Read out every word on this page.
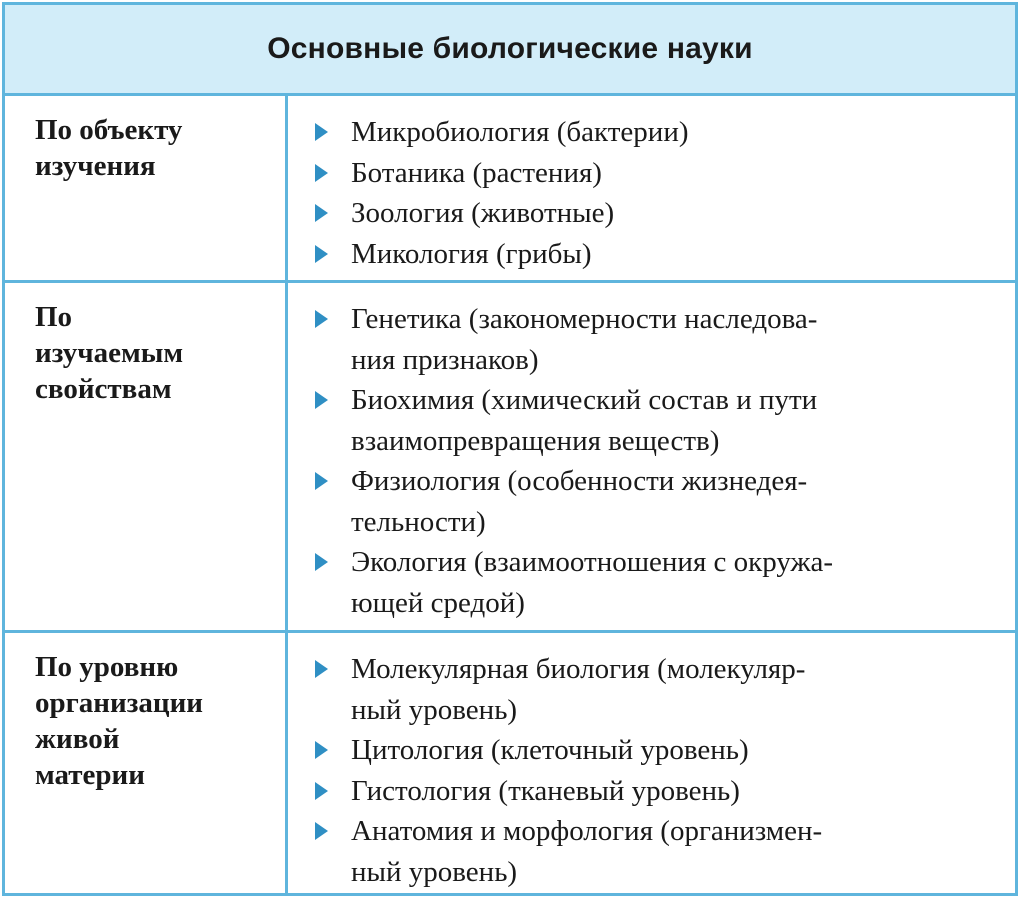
Основные биологические науки
По объекту
изучения
Микробиология (бактерии)
Ботаника (растения)
Зоология (животные)
Микология (грибы)
По
изучаемым
свойствам
Генетика (закономерности наследова-
ния признаков)
Биохимия (химический состав и пути
взаимопревращения веществ)
Физиология (особенности жизнедея-
тельности)
Экология (взаимоотношения с окружа-
ющей средой)
По уровню
организации
живой
материи
Молекулярная биология (молекуляр-
ный уровень)
Цитология (клеточный уровень)
Гистология (тканевый уровень)
Анатомия и морфология (организмен-
ный уровень)
